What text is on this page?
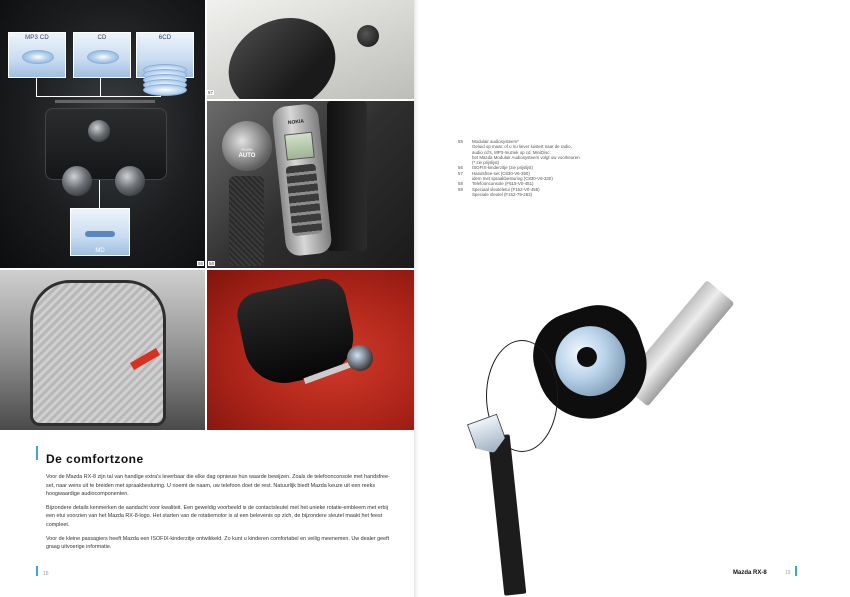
MP3 CD	CD	6CD
MD
57
PUSH
AUTO
NOKIA
55 58
De comfortzone

Voor de Mazda RX-8 zijn tal van handige extra's leverbaar die elke dag opnieuw hun waarde bewijzen. Zoals de telefoonconsole met handsfree-set, naar wens uit te breiden met spraakbesturing. U noemt de naam, uw telefoon doet de rest. Natuurlijk biedt Mazda keuze uit een reeks hoogwaardige audiocomponenten.

Bijzondere details kenmerken de aandacht voor kwaliteit. Een geweldig voorbeeld is de contactsleutel met het unieke rotatie-embleem met erbij een etui voorzien van het Mazda RX-8-logo. Het starten van de rotatiemotor is al een belevenis op zich, de bijzondere sleutel maakt het feest compleet.

Voor de kleine passagiers heeft Mazda een ISOFIX-kinderzitje ontwikkeld. Zo kunt u kinderen comfortabel en veilig meenemen. Uw dealer geeft graag uitvoerige informatie.

18
55	Modulair audiosysteem*
Geluid op maat: of u nu liever luistert naar de radio,
audio cd's, MP3-muziek op cd, MiniDisc:
het Mazda Modulair Audiosysteem volgt uw voorkeuren.
(* zie prijslijst)
56	ISOFIX-kinderzitje (zie prijslijst)
57	Handsfree-set (C830-V6-350)
idem met spraakbesturing (C830-V6-330)
58	Telefoonconsole (F615-V0-451)
59	Speciaal sleuteletui (F152-V0-455)
Speciale sleutel (F152-79-253)
Mazda RX-8	19
